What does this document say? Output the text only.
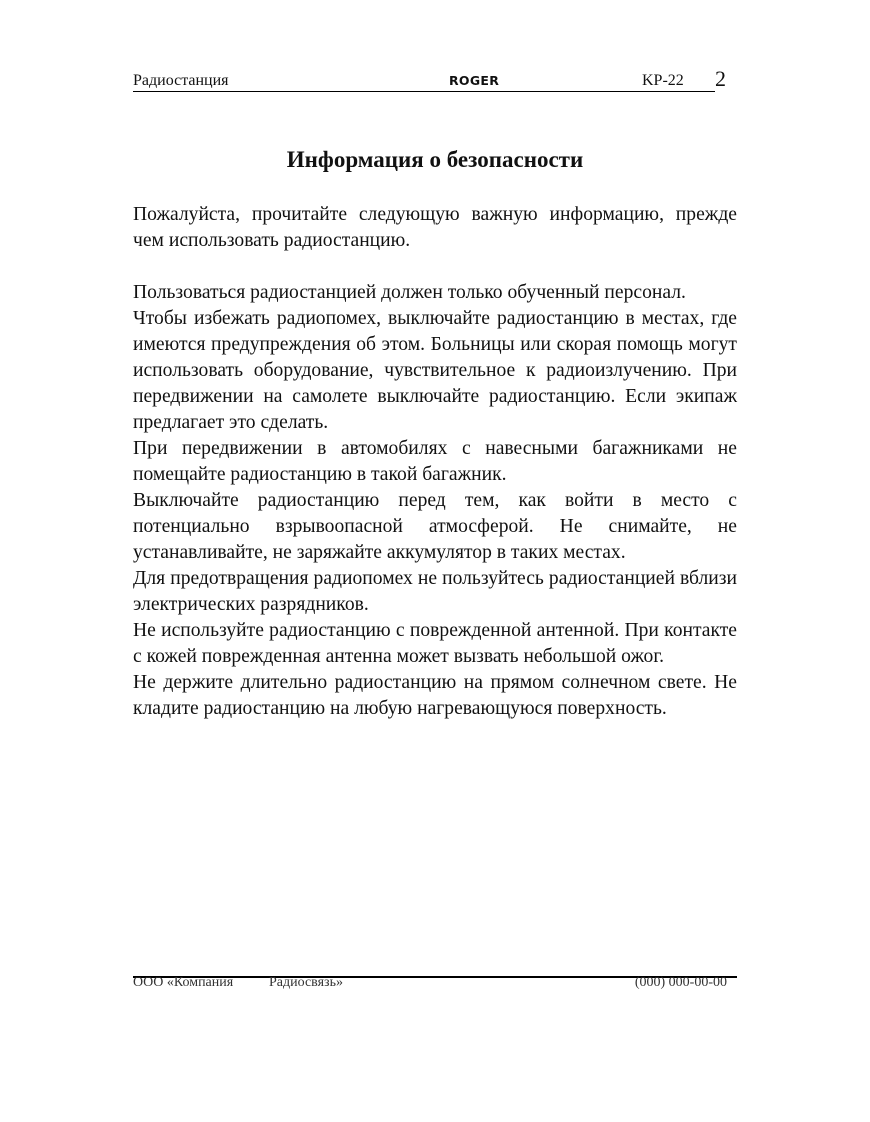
Радиостанция	ROGER	KP-22 2
Информация о безопасности

Пожалуйста, прочитайте следующую важную информацию, прежде чем использовать радиостанцию.

Пользоваться радиостанцией должен только обученный персонал.

Чтобы избежать радиопомех, выключайте радиостанцию в местах, где имеются предупреждения об этом. Больницы или скорая помощь могут использовать оборудование, чувствительное к радиоизлучению. При передвижении на самолете выключайте радиостанцию. Если экипаж предлагает это сделать.

При передвижении в автомобилях с навесными багажниками не помещайте радиостанцию в такой багажник.

Выключайте радиостанцию перед тем, как войти в место с потенциально взрывоопасной атмосферой. Не снимайте, не устанавливайте, не заряжайте аккумулятор в таких местах.

Для предотвращения радиопомех не пользуйтесь радиостанцией вблизи электрических разрядников.

Не используйте радиостанцию с поврежденной антенной. При контакте с кожей поврежденная антенна может вызвать небольшой ожог.

Не держите длительно радиостанцию на прямом солнечном свете. Не кладите радиостанцию на любую нагревающуюся поверхность.

ООО «Компания	Радиосвязь»	(000) 000-00-00
